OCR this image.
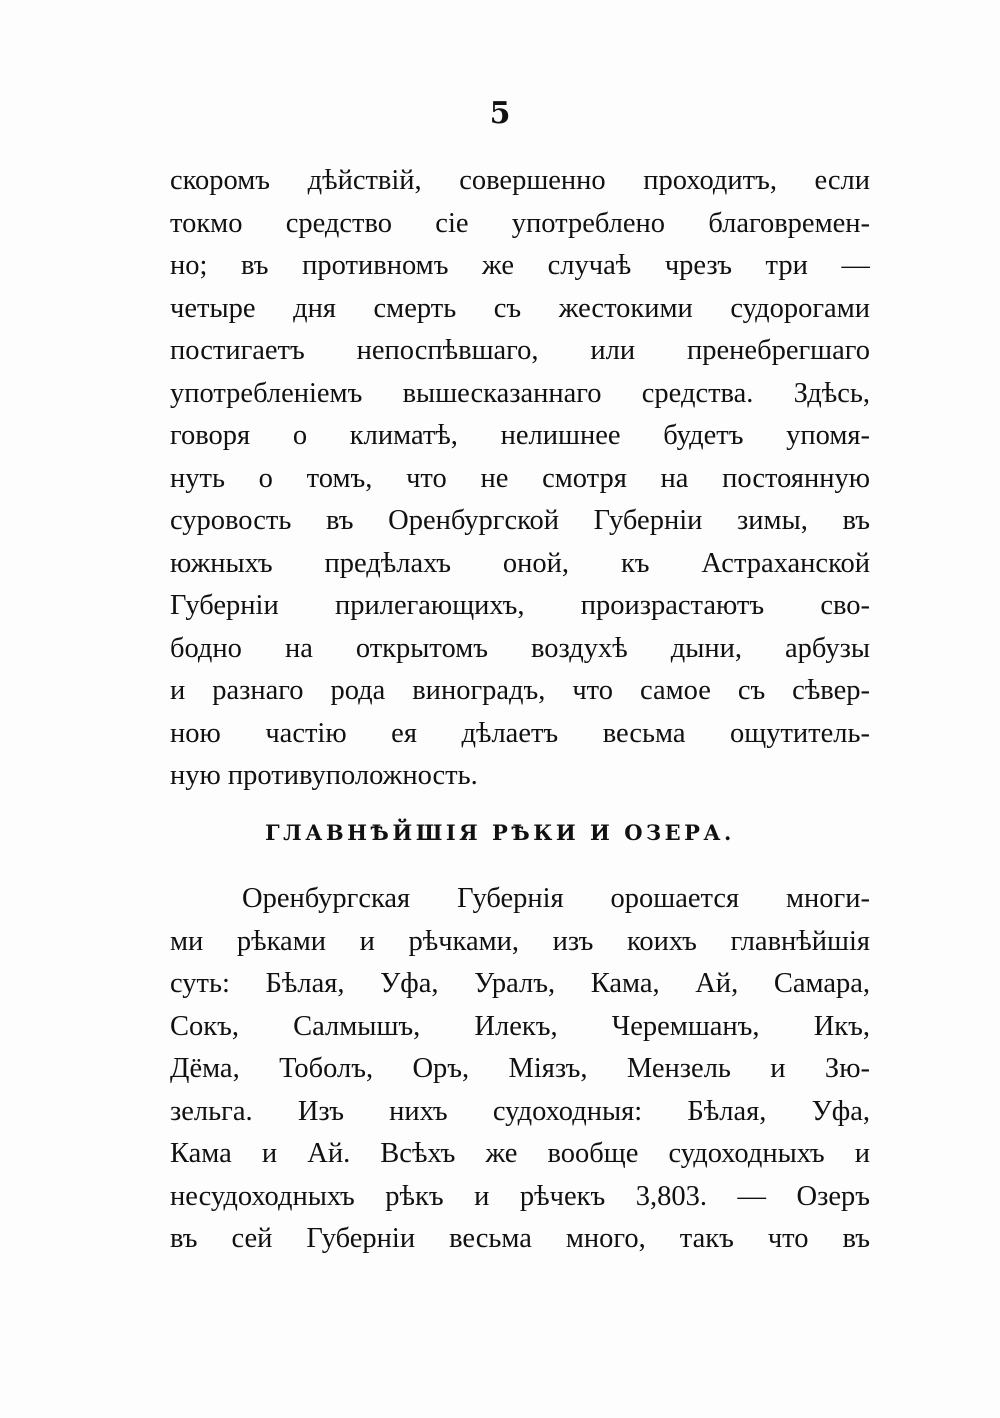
5
скоромъ дѣйствій, совершенно проходитъ, если
токмо средство сіе употреблено благовремен-
но; въ противномъ же случаѣ чрезъ три —
четыре дня смерть съ жестокими судорогами
постигаетъ непоспѣвшаго, или пренебрегшаго
употребленіемъ вышесказаннаго средства. Здѣсь,
говоря о климатѣ, нелишнее будетъ упомя-
нуть о томъ, что не смотря на постоянную
суровость въ Оренбургской Губерніи зимы, въ
южныхъ предѣлахъ оной, къ Астраханской
Губерніи прилегающихъ, произрастаютъ сво-
бодно на открытомъ воздухѣ дыни, арбузы
и разнаго рода виноградъ, что самое съ сѣвер-
ною частію ея дѣлаетъ весьма ощутитель-
ную противуположность.
ГЛАВНѢЙШІЯ РѢКИ И ОЗЕРА.
Оренбургская Губернія орошается многи-
ми рѣками и рѣчками, изъ коихъ главнѣйшія
суть: Бѣлая, Уфа, Уралъ, Кама, Ай, Самара,
Сокъ, Салмышъ, Илекъ, Черемшанъ, Икъ,
Дёма, Тоболъ, Оръ, Міязъ, Мензель и Зю-
зельга. Изъ нихъ судоходныя: Бѣлая, Уфа,
Кама и Ай. Всѣхъ же вообще судоходныхъ и
несудоходныхъ рѣкъ и рѣчекъ 3,803. — Озеръ
въ сей Губерніи весьма много, такъ что въ
